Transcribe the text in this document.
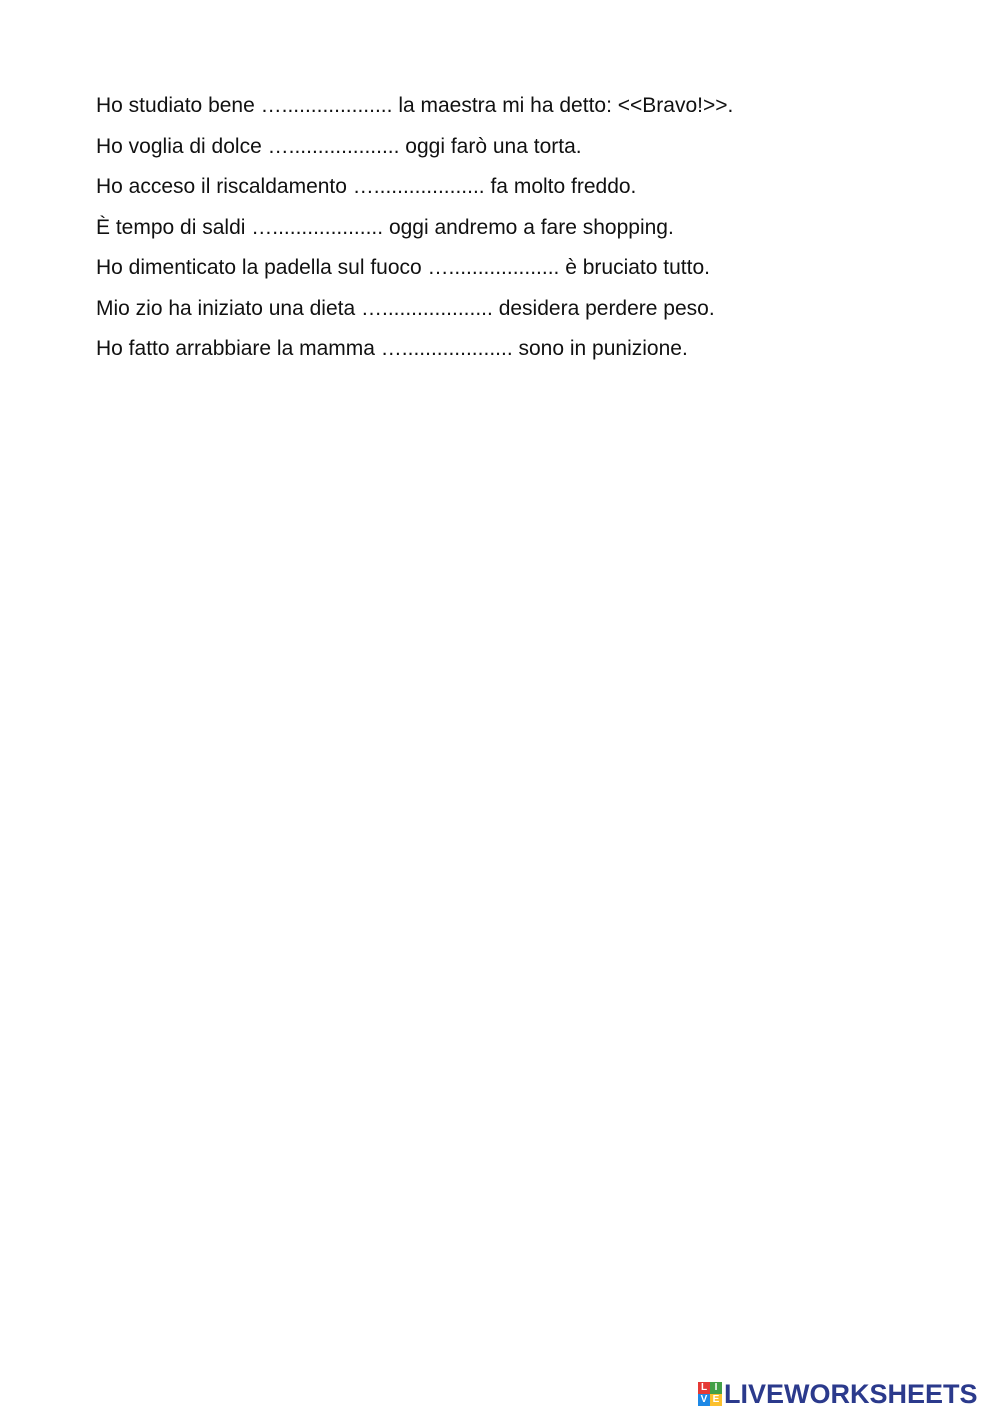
Ho studiato bene …................... la maestra mi ha detto: <<Bravo!>>.
Ho voglia di dolce …................... oggi farò una torta.
Ho acceso il riscaldamento …................... fa molto freddo.
È tempo di saldi …................... oggi andremo a fare shopping.
Ho dimenticato la padella sul fuoco …................... è bruciato tutto.
Mio zio ha iniziato una dieta …................... desidera perdere peso.
Ho fatto arrabbiare la mamma …................... sono in punizione.
L I
V E LIVEWORKSHEETS
